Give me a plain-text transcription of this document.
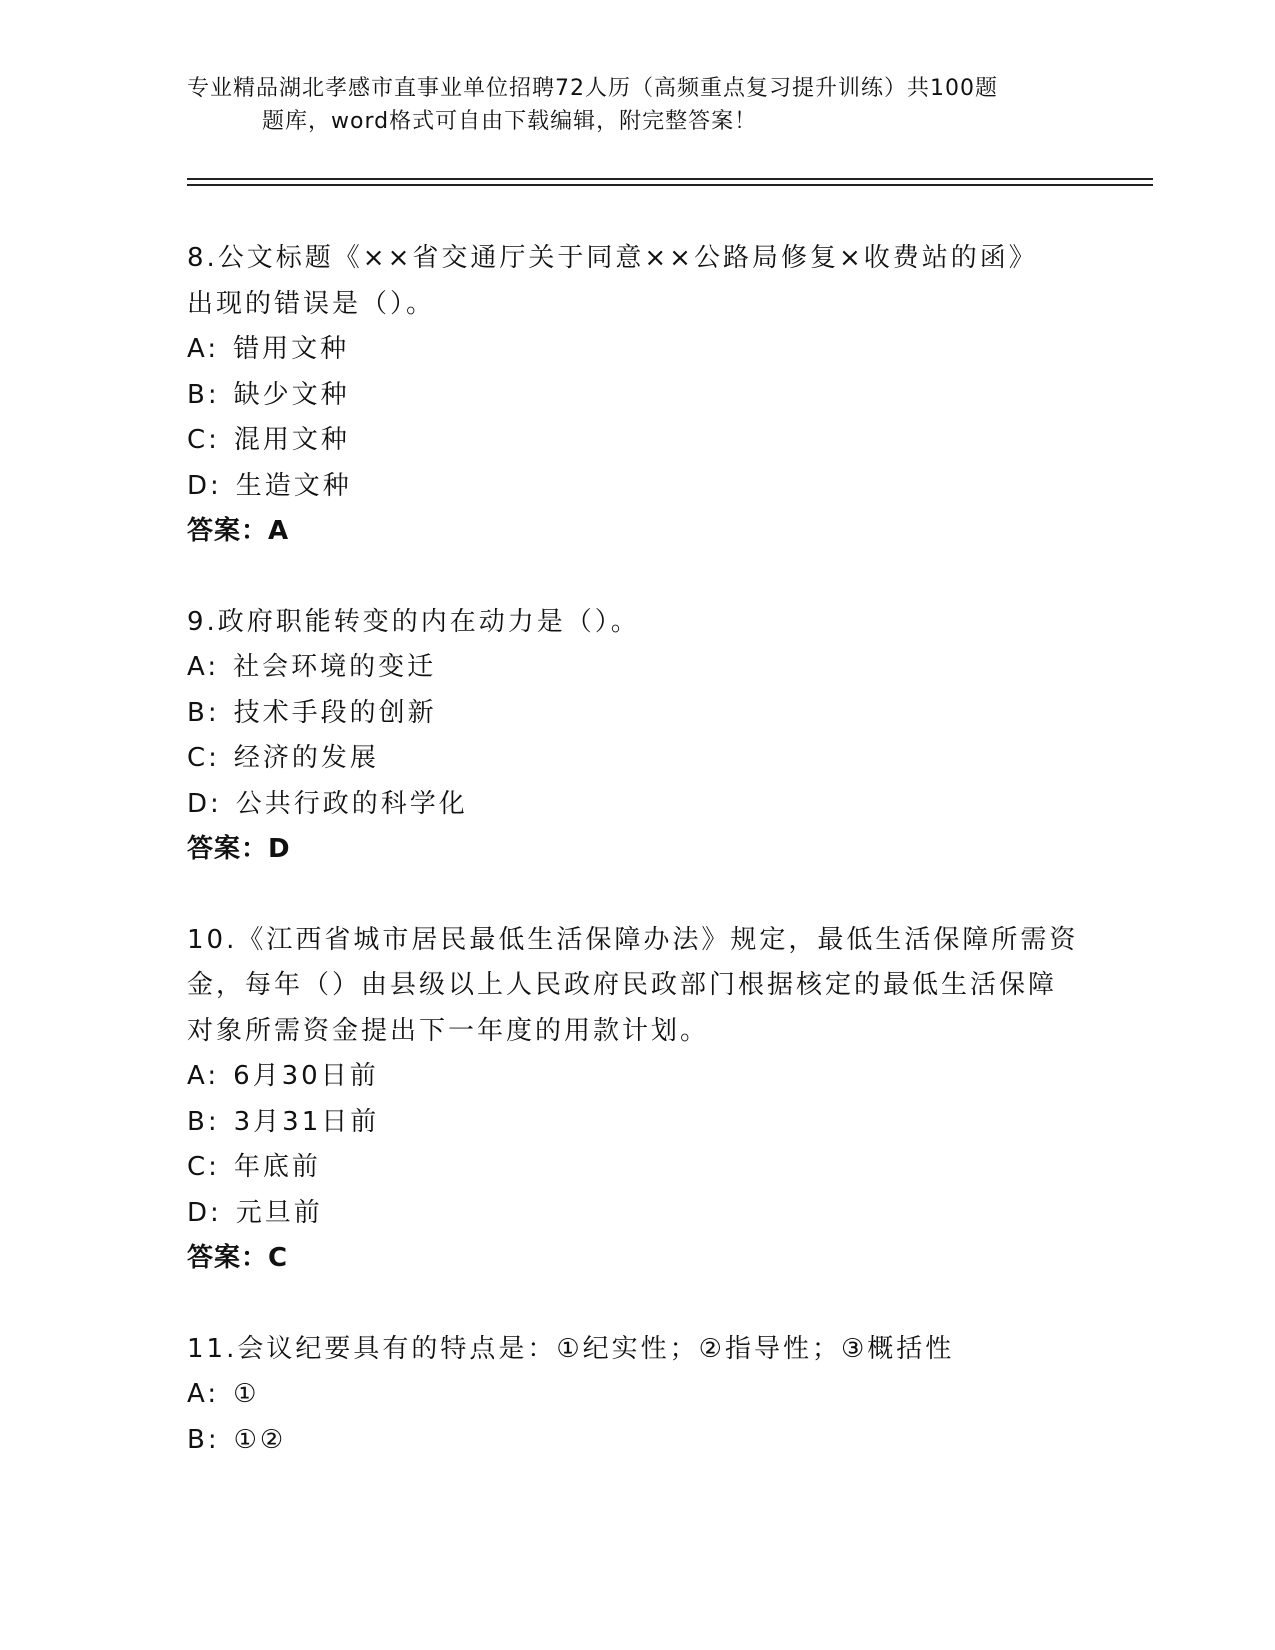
专业精品湖北孝感市直事业单位招聘72人历（高频重点复习提升训练）共100题
题库，word格式可自由下载编辑，附完整答案！
8.公文标题《××省交通厅关于同意××公路局修复×收费站的函》
出现的错误是（）。
A: 错用文种
B: 缺少文种
C: 混用文种
D: 生造文种
答案：A
9.政府职能转变的内在动力是（）。
A: 社会环境的变迁
B: 技术手段的创新
C: 经济的发展
D: 公共行政的科学化
答案：D
10.《江西省城市居民最低生活保障办法》规定，最低生活保障所需资
金，每年（）由县级以上人民政府民政部门根据核定的最低生活保障
对象所需资金提出下一年度的用款计划。
A: 6月30日前
B: 3月31日前
C: 年底前
D: 元旦前
答案：C
11.会议纪要具有的特点是：①纪实性；②指导性；③概括性
A: ①
B: ①②
